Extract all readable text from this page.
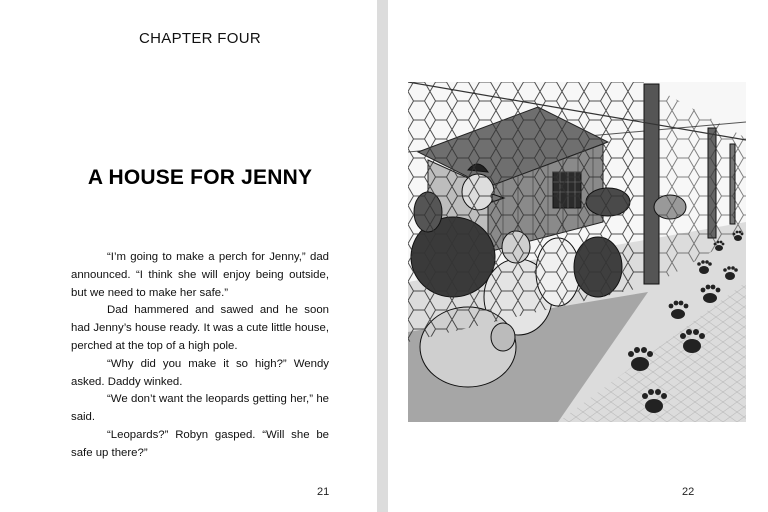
CHAPTER FOUR
A HOUSE FOR JENNY

“I’m going to make a perch for Jenny,” dad announced. “I think she will enjoy being outside, but we need to make her safe.”

Dad hammered and sawed and he soon had Jenny’s house ready. It was a cute little house, perched at the top of a high pole.

“Why did you make it so high?” Wendy asked. Daddy winked.

“We don’t want the leopards getting her,” he said.

“Leopards?” Robyn gasped. “Will she be safe up there?”

21	22
